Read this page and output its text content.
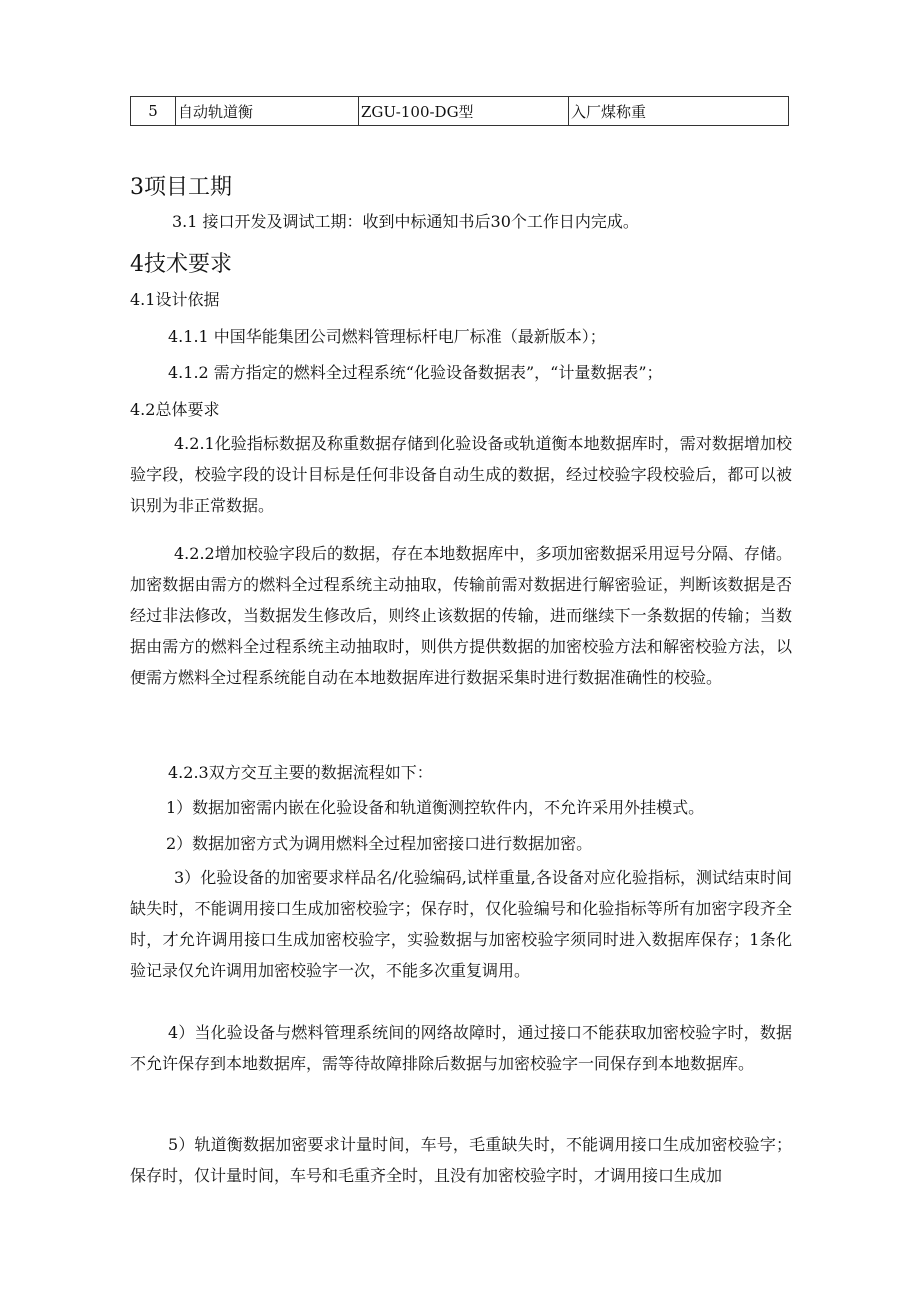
5	自动轨道衡	ZGU-100-DG型	入厂煤称重
3项目工期
3.1 接口开发及调试工期：收到中标通知书后30个工作日内完成。
4技术要求
4.1设计依据
4.1.1 中国华能集团公司燃料管理标杆电厂标准（最新版本）；
4.1.2 需方指定的燃料全过程系统“化验设备数据表”，“计量数据表”；
4.2总体要求
4.2.1化验指标数据及称重数据存储到化验设备或轨道衡本地数据库时，需对数据增加校验字段，校验字段的设计目标是任何非设备自动生成的数据，经过校验字段校验后，都可以被识别为非正常数据。
4.2.2增加校验字段后的数据，存在本地数据库中，多项加密数据采用逗号分隔、存储。加密数据由需方的燃料全过程系统主动抽取，传输前需对数据进行解密验证，判断该数据是否经过非法修改，当数据发生修改后，则终止该数据的传输，进而继续下一条数据的传输；当数据由需方的燃料全过程系统主动抽取时，则供方提供数据的加密校验方法和解密校验方法，以便需方燃料全过程系统能自动在本地数据库进行数据采集时进行数据准确性的校验。
4.2.3双方交互主要的数据流程如下：
1）数据加密需内嵌在化验设备和轨道衡测控软件内，不允许采用外挂模式。
2）数据加密方式为调用燃料全过程加密接口进行数据加密。
3）化验设备的加密要求样品名/化验编码,试样重量,各设备对应化验指标，测试结束时间缺失时，不能调用接口生成加密校验字；保存时，仅化验编号和化验指标等所有加密字段齐全时，才允许调用接口生成加密校验字，实验数据与加密校验字须同时进入数据库保存；1条化验记录仅允许调用加密校验字一次，不能多次重复调用。
4）当化验设备与燃料管理系统间的网络故障时，通过接口不能获取加密校验字时，数据不允许保存到本地数据库，需等待故障排除后数据与加密校验字一同保存到本地数据库。
5）轨道衡数据加密要求计量时间，车号，毛重缺失时，不能调用接口生成加密校验字；保存时，仅计量时间，车号和毛重齐全时，且没有加密校验字时，才调用接口生成加
